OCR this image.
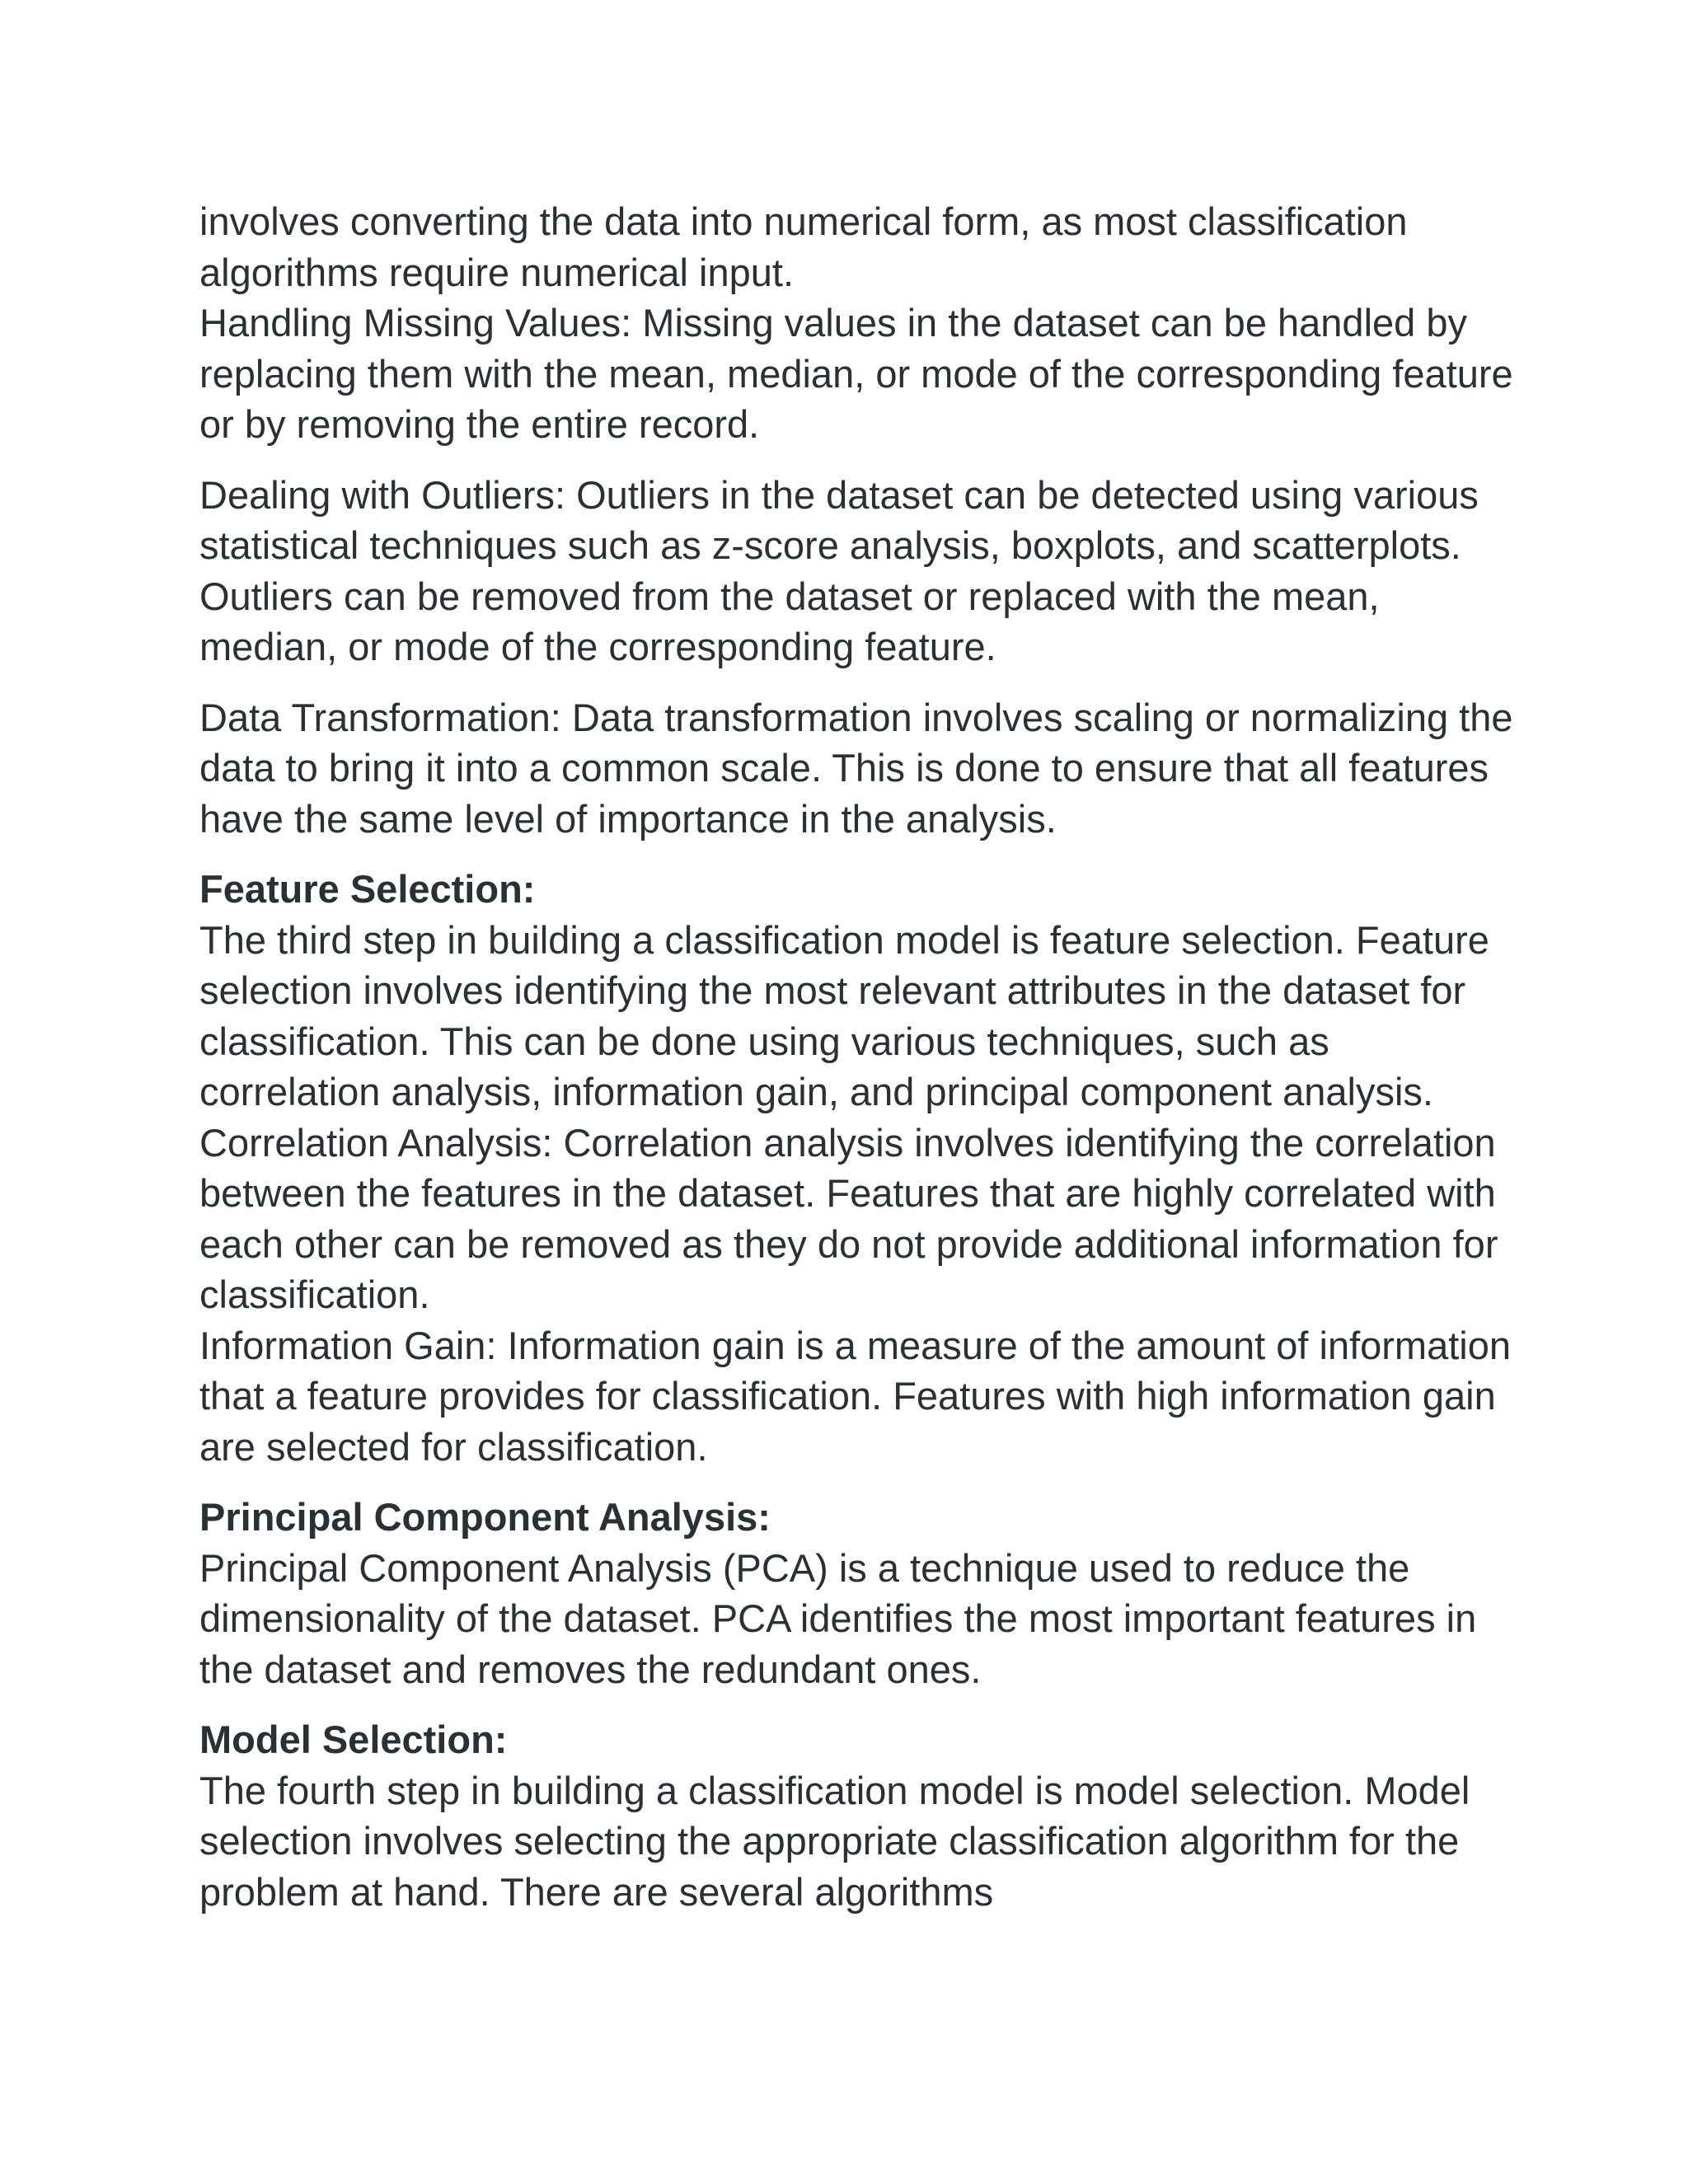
involves converting the data into numerical form, as most classification algorithms require numerical input.

Handling Missing Values: Missing values in the dataset can be handled by replacing them with the mean, median, or mode of the corresponding feature or by removing the entire record.

Dealing with Outliers: Outliers in the dataset can be detected using various statistical techniques such as z-score analysis, boxplots, and scatterplots. Outliers can be removed from the dataset or replaced with the mean, median, or mode of the corresponding feature.

Data Transformation: Data transformation involves scaling or normalizing the data to bring it into a common scale. This is done to ensure that all features have the same level of importance in the analysis.

Feature Selection:

The third step in building a classification model is feature selection. Feature selection involves identifying the most relevant attributes in the dataset for classification. This can be done using various techniques, such as correlation analysis, information gain, and principal component analysis.

Correlation Analysis: Correlation analysis involves identifying the correlation between the features in the dataset. Features that are highly correlated with each other can be removed as they do not provide additional information for classification.

Information Gain: Information gain is a measure of the amount of information that a feature provides for classification. Features with high information gain are selected for classification.

Principal Component Analysis:

Principal Component Analysis (PCA) is a technique used to reduce the dimensionality of the dataset. PCA identifies the most important features in the dataset and removes the redundant ones.

Model Selection:

The fourth step in building a classification model is model selection. Model selection involves selecting the appropriate classification algorithm for the problem at hand. There are several algorithms
